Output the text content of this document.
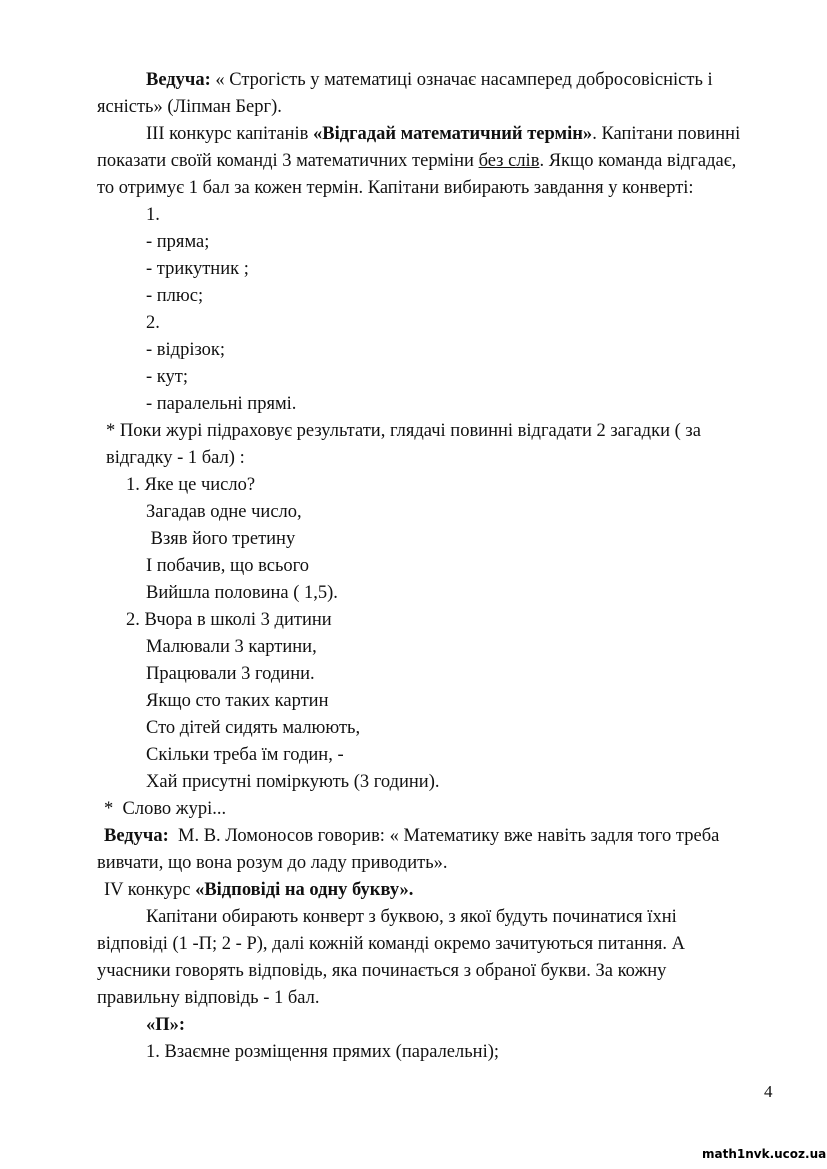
Ведуча: « Строгість у математиці означає насамперед добросовісність і
ясність» (Ліпман Берг).
ІІІ конкурс капітанів «Відгадай математичний термін». Капітани повинні
показати своїй команді 3 математичних терміни без слів. Якщо команда відгадає,
то отримує 1 бал за кожен термін. Капітани вибирають завдання у конверті:
1.
- пряма;
- трикутник ;
- плюс;
2.
- відрізок;
- кут;
- паралельні прямі.
* Поки журі підраховує результати, глядачі повинні відгадати 2 загадки ( за
відгадку - 1 бал) :
1. Яке це число?
Загадав одне число,
Взяв його третину
І побачив, що всього
Вийшла половина ( 1,5).
2. Вчора в школі 3 дитини
Малювали 3 картини,
Працювали 3 години.
Якщо сто таких картин
Сто дітей сидять малюють,
Скільки треба їм годин, -
Хай присутні поміркують (3 години).
*  Слово журі...
Ведуча:  М. В. Ломоносов говорив: « Математику вже навіть задля того треба
вивчати, що вона розум до ладу приводить».
IV конкурс «Відповіді на одну букву».
Капітани обирають конверт з буквою, з якої будуть починатися їхні
відповіді (1 -П; 2 - Р), далі кожній команді окремо зачитуються питання. А
учасники говорять відповідь, яка починається з обраної букви. За кожну
правильну відповідь - 1 бал.
«П»:
1. Взаємне розміщення прямих (паралельні);
4
math1nvk.ucoz.ua
